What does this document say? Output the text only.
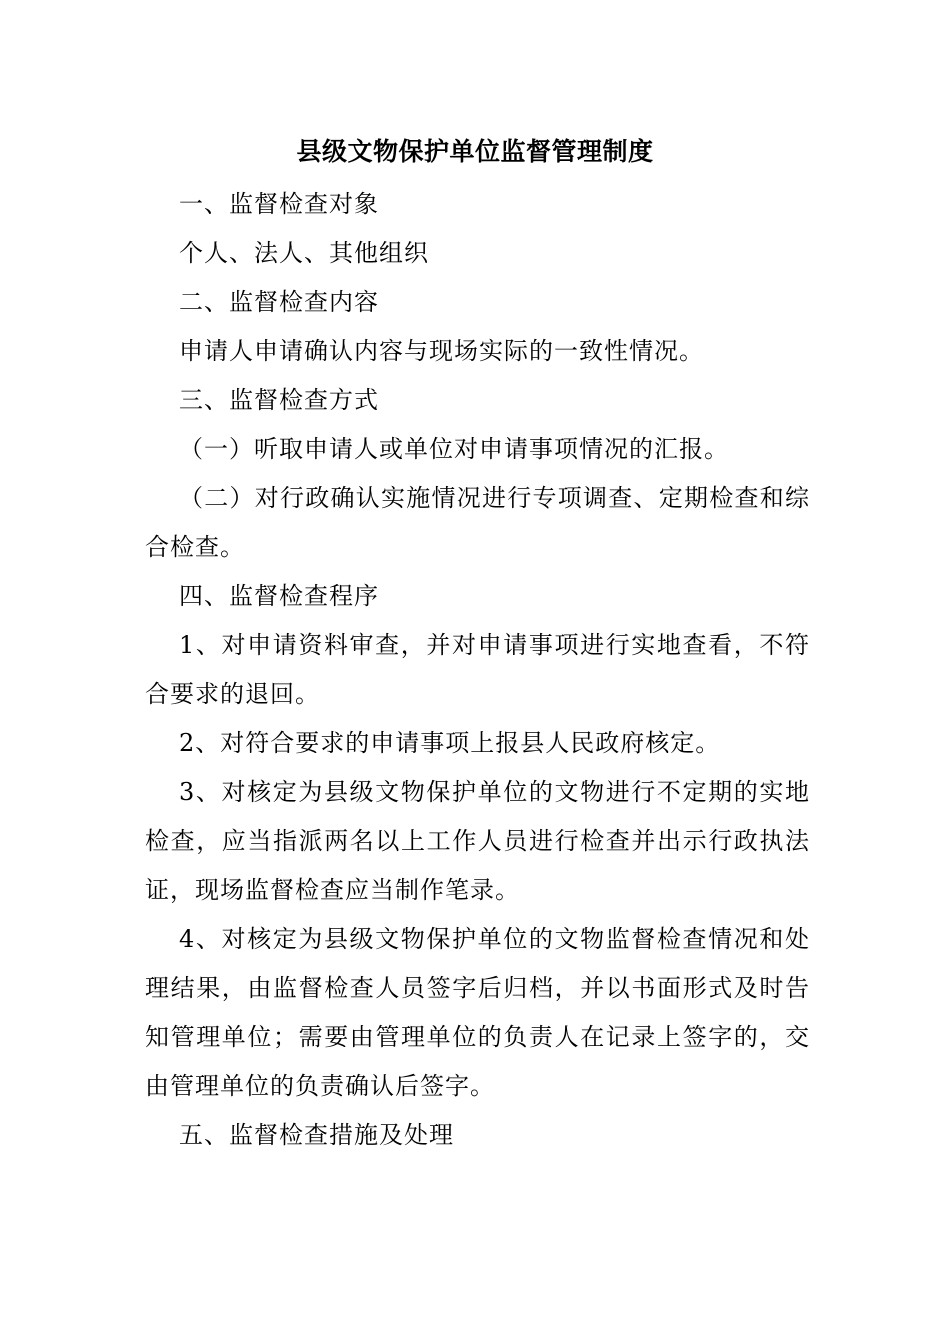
县级文物保护单位监督管理制度

一、监督检查对象

个人、法人、其他组织

二、监督检查内容

申请人申请确认内容与现场实际的一致性情况。

三、监督检查方式

（一）听取申请人或单位对申请事项情况的汇报。

（二）对行政确认实施情况进行专项调查、定期检查和综合检查。

四、监督检查程序

1、对申请资料审查，并对申请事项进行实地查看，不符合要求的退回。

2、对符合要求的申请事项上报县人民政府核定。

3、对核定为县级文物保护单位的文物进行不定期的实地检查，应当指派两名以上工作人员进行检查并出示行政执法证，现场监督检查应当制作笔录。

4、对核定为县级文物保护单位的文物监督检查情况和处理结果，由监督检查人员签字后归档，并以书面形式及时告知管理单位；需要由管理单位的负责人在记录上签字的，交由管理单位的负责确认后签字。

五、监督检查措施及处理
